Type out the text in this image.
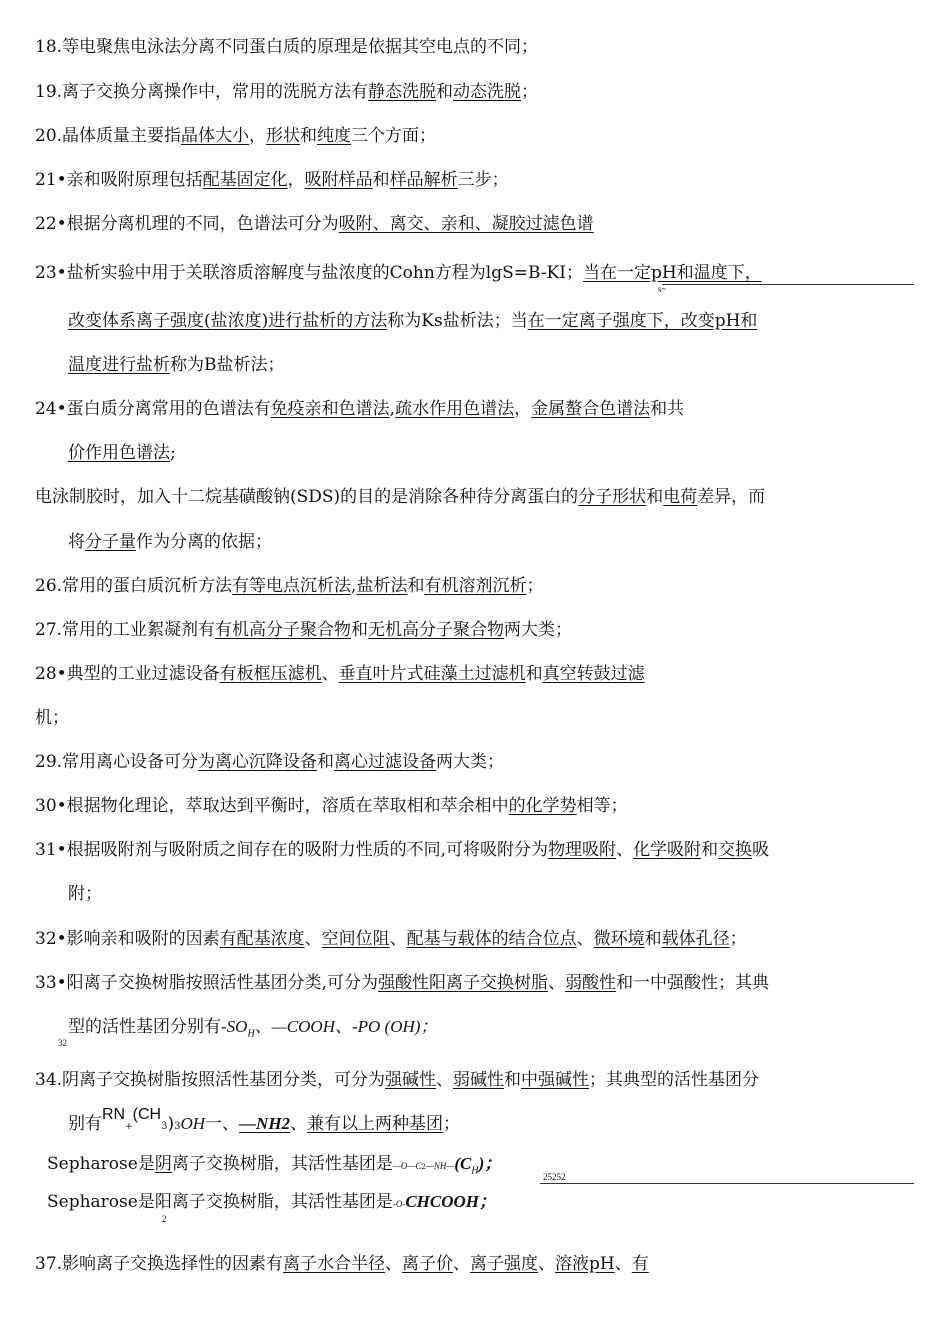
18.等电聚焦电泳法分离不同蛋白质的原理是依据其空电点的不同；
19.离子交换分离操作中，常用的洗脱方法有静态洗脱和动态洗脱；
20.晶体质量主要指晶体大小，形状和纯度三个方面；
21•亲和吸附原理包括配基固定化，吸附样品和样品解析三步；
22•根据分离机理的不同，色谱法可分为吸附、离交、亲和、凝胶过滤色谱
23•盐析实验中用于关联溶质溶解度与盐浓度的Cohn方程为lgS=B-KI；当在一定pH和温度下，
s~
改变体系离子强度(盐浓度)进行盐析的方法称为Ks盐析法；当在一定离子强度下，改变pH和
温度进行盐析称为B盐析法；
24•蛋白质分离常用的色谱法有免疫亲和色谱法,疏水作用色谱法，金属螯合色谱法和共
价作用色谱法;
电泳制胶时，加入十二烷基磺酸钠(SDS)的目的是消除各种待分离蛋白的分子形状和电荷差异，而
将分子量作为分离的依据；
26.常用的蛋白质沉析方法有等电点沉析法,盐析法和有机溶剂沉析；
27.常用的工业絮凝剂有有机高分子聚合物和无机高分子聚合物两大类；
28•典型的工业过滤设备有板框压滤机、垂直叶片式硅藻土过滤机和真空转鼓过滤
机；
29.常用离心设备可分为离心沉降设备和离心过滤设备两大类；
30•根据物化理论，萃取达到平衡时，溶质在萃取相和萃余相中的化学势相等；
31•根据吸附剂与吸附质之间存在的吸附力性质的不同,可将吸附分为物理吸附、化学吸附和交换吸
附；
32•影响亲和吸附的因素有配基浓度、空间位阻、配基与载体的结合位点、微环境和载体孔径；
33•阳离子交换树脂按照活性基团分类,可分为强酸性阳离子交换树脂、弱酸性和一中强酸性；其典
型的活性基团分别有$-SO_H$、—COOH、-PO (OH)；
32
34.阴离子交换树脂按照活性基团分类，可分为强碱性、弱碱性和中强碱性；其典型的活性基团分
别有RN+(CH3)3OH一、—NH2、兼有以上两种基团；
Sepharose是阴离子交换树脂，其活性基团是$—O—C2—NH—(C_H)$；
25252
Sepharose是阳离子交换树脂，其活性基团是-O-CHCOOH；
2
37.影响离子交换选择性的因素有离子水合半径、离子价、离子强度、溶液pH、有
